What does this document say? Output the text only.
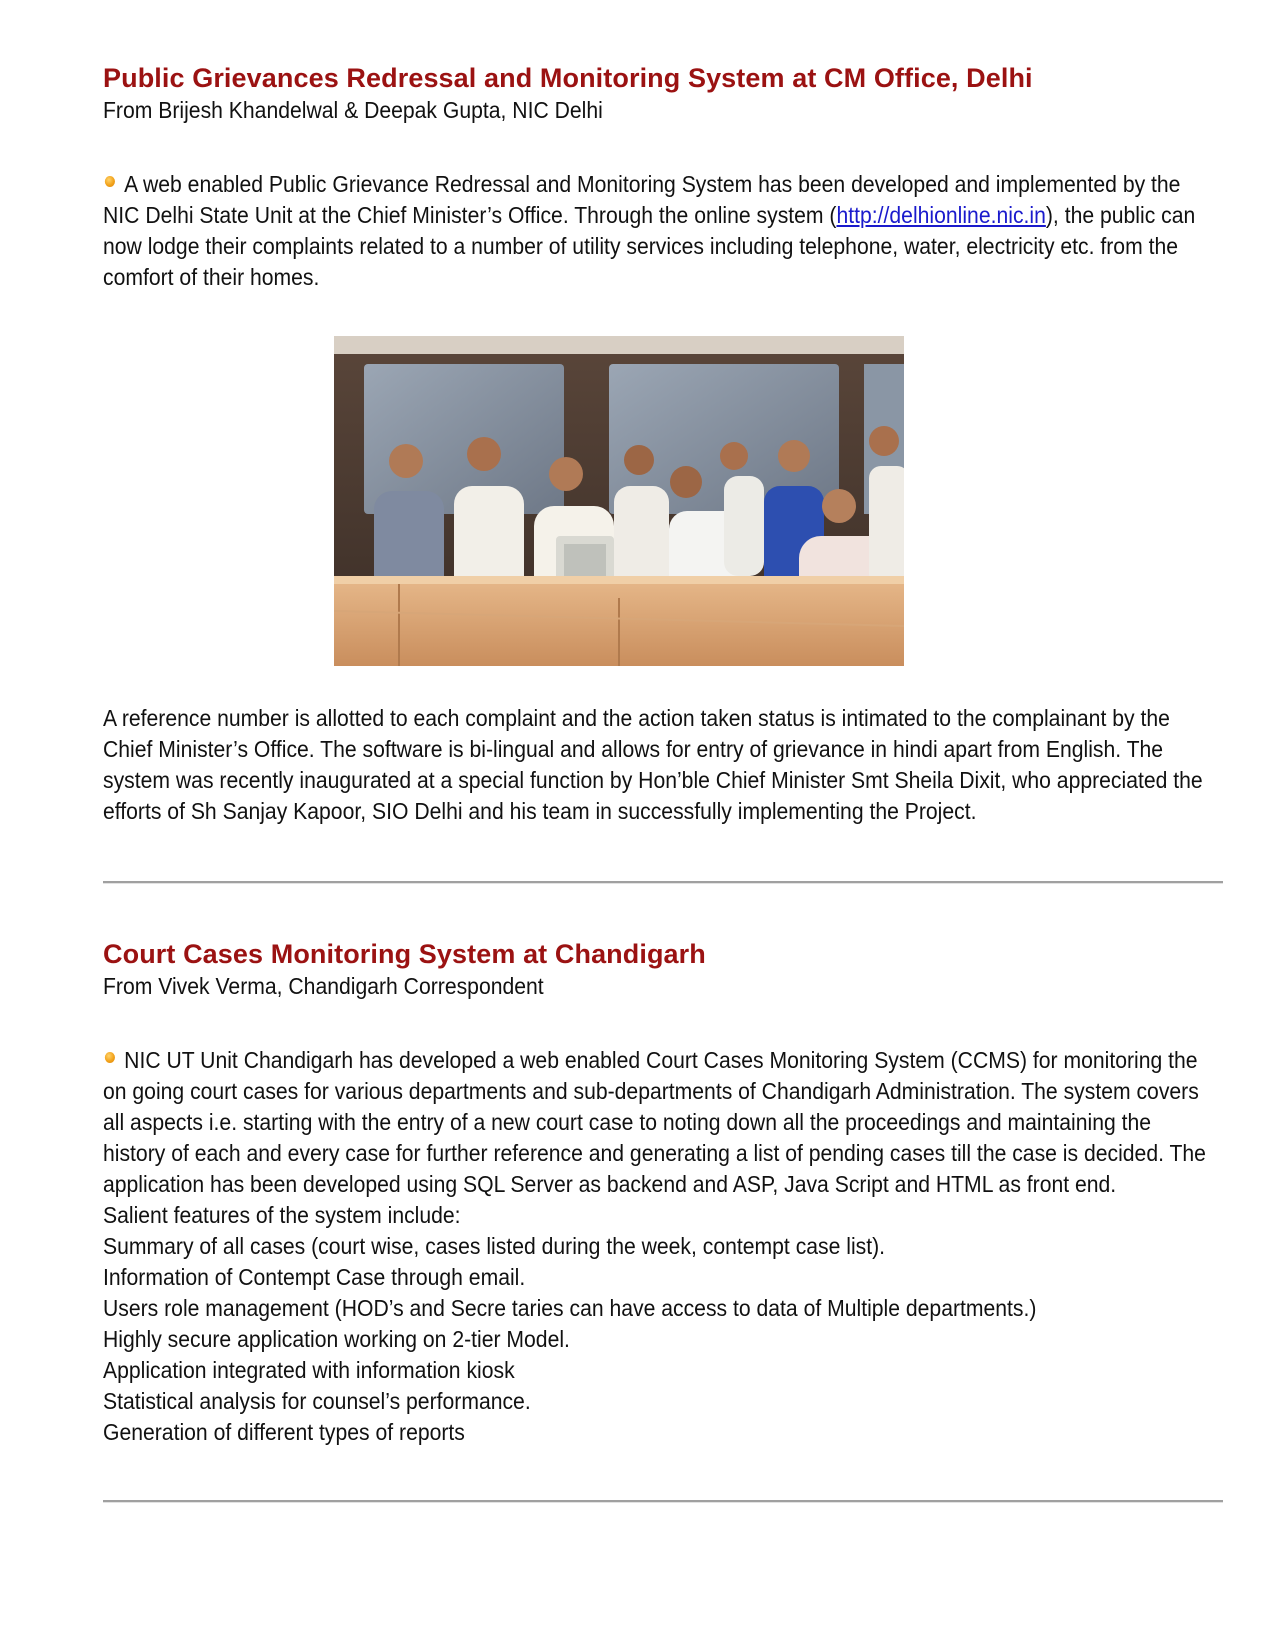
Public Grievances Redressal and Monitoring System at CM Office, Delhi

From Brijesh Khandelwal & Deepak Gupta, NIC Delhi

A web enabled Public Grievance Redressal and Monitoring System has been developed and implemented by the NIC Delhi State Unit at the Chief Minister’s Office. Through the online system (http://delhionline.nic.in), the public can now lodge their complaints related to a number of utility services including telephone, water, electricity etc. from the comfort of their homes.

A reference number is allotted to each complaint and the action taken status is intimated to the complainant by the Chief Minister’s Office. The software is bi-lingual and allows for entry of grievance in hindi apart from English. The system was recently inaugurated at a special function by Hon’ble Chief Minister Smt Sheila Dixit, who appreciated the efforts of Sh Sanjay Kapoor, SIO Delhi and his team in successfully implementing the Project.

Court Cases Monitoring System at Chandigarh

From Vivek Verma, Chandigarh Correspondent

NIC UT Unit Chandigarh has developed a web enabled Court Cases Monitoring System (CCMS) for monitoring the on going court cases for various departments and sub-departments of Chandigarh Administration. The system covers all aspects i.e. starting with the entry of a new court case to noting down all the proceedings and maintaining the history of each and every case for further reference and generating a list of pending cases till the case is decided. The application has been developed using SQL Server as backend and ASP, Java Script and HTML as front end.
Salient features of the system include:
Summary of all cases (court wise, cases listed during the week, contempt case list).
Information of Contempt Case through email.
Users role management (HOD’s and Secre taries can have access to data of Multiple departments.)
Highly secure application working on 2-tier Model.
Application integrated with information kiosk
Statistical analysis for counsel’s performance.
Generation of different types of reports
